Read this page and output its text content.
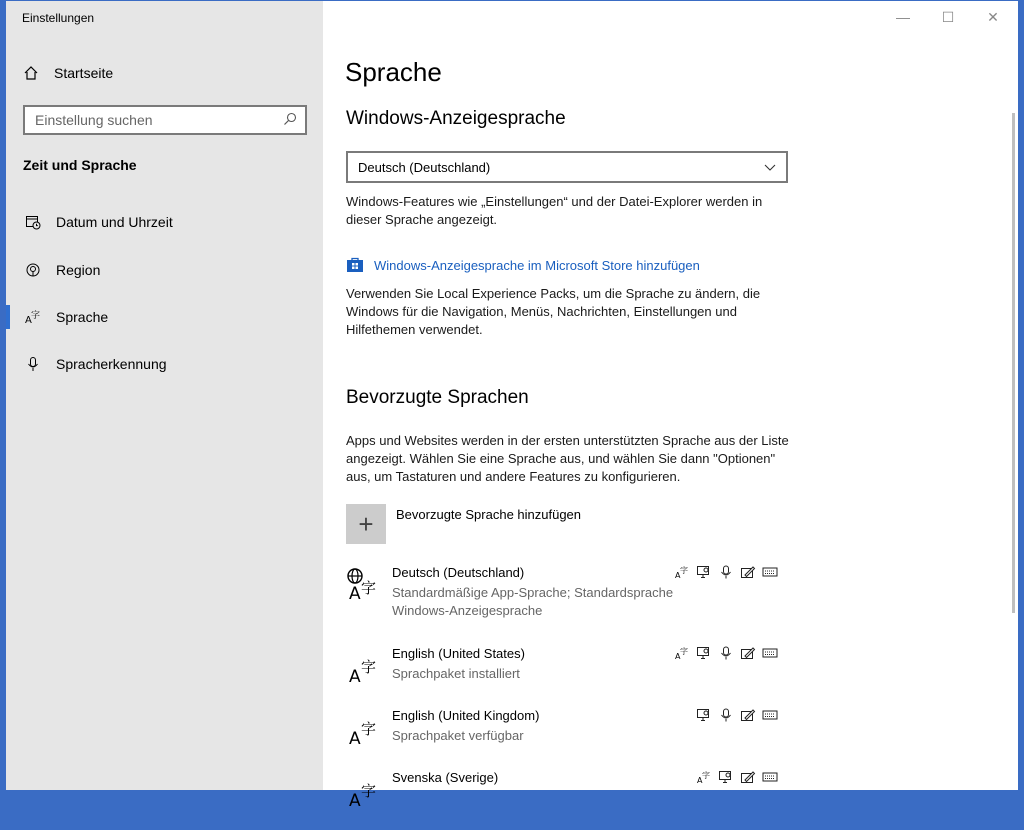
Einstellungen
Startseite
Einstellung suchen
Zeit und Sprache
Datum und Uhrzeit
Region
A 字 Sprache
Spracherkennung
—	☐	✕
Sprache
Windows-Anzeigesprache
Deutsch (Deutschland)
Windows-Features wie „Einstellungen“ und der Datei-Explorer werden in dieser Sprache angezeigt.
Windows-Anzeigesprache im Microsoft Store hinzufügen
Verwenden Sie Local Experience Packs, um die Sprache zu ändern, die Windows für die Navigation, Menüs, Nachrichten, Einstellungen und Hilfethemen verwendet.
Bevorzugte Sprachen
Apps und Websites werden in der ersten unterstützten Sprache aus der Liste angezeigt. Wählen Sie eine Sprache aus, und wählen Sie dann "Optionen" aus, um Tastaturen und andere Features zu konfigurieren.
+	Bevorzugte Sprache hinzufügen
A 字
Deutsch (Deutschland)
Standardmäßige App-Sprache; Standardsprache
Windows-Anzeigesprache
A
字
A 字
English (United States)
Sprachpaket installiert
A
字
A 字
English (United Kingdom)
Sprachpaket verfügbar
A 字
Svenska (Sverige)	A
字
